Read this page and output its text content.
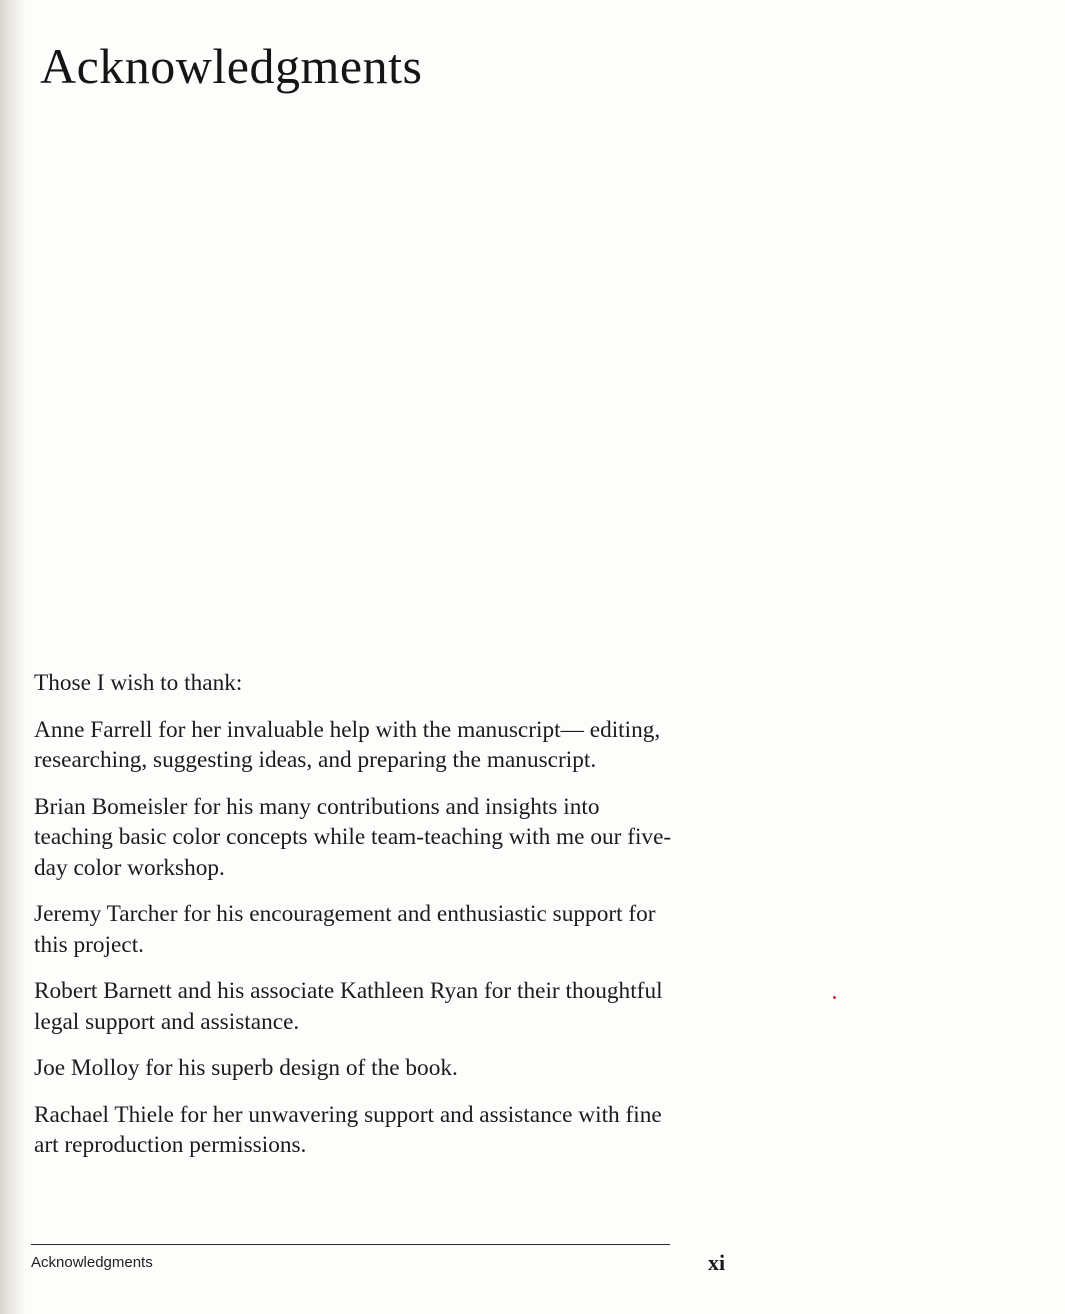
Acknowledgments

Those I wish to thank:

Anne Farrell for her invaluable help with the manuscript— editing, researching, suggesting ideas, and preparing the manuscript.

Brian Bomeisler for his many contributions and insights into teaching basic color concepts while team-teaching with me our five-day color workshop.

Jeremy Tarcher for his encouragement and enthusiastic support for this project.

Robert Barnett and his associate Kathleen Ryan for their thoughtful legal support and assistance.

Joe Molloy for his superb design of the book.

Rachael Thiele for her unwavering support and assistance with fine art reproduction permissions.

Acknowledgments	xi
